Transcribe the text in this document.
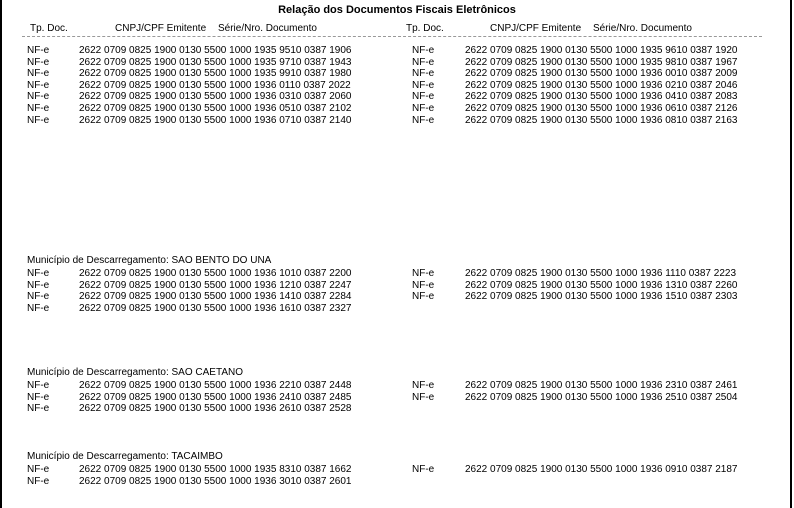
Relação dos Documentos Fiscais Eletrônicos
Tp. Doc.	CNPJ/CPF Emitente Série/Nro. Documento	Tp. Doc.	CNPJ/CPF Emitente Série/Nro. Documento
NF-e	2622 0709 0825 1900 0130 5500 1000 1935 9510 0387 1906
NF-e	2622 0709 0825 1900 0130 5500 1000 1935 9710 0387 1943
NF-e	2622 0709 0825 1900 0130 5500 1000 1935 9910 0387 1980
NF-e	2622 0709 0825 1900 0130 5500 1000 1936 0110 0387 2022
NF-e	2622 0709 0825 1900 0130 5500 1000 1936 0310 0387 2060
NF-e	2622 0709 0825 1900 0130 5500 1000 1936 0510 0387 2102
NF-e	2622 0709 0825 1900 0130 5500 1000 1936 0710 0387 2140
NF-e	2622 0709 0825 1900 0130 5500 1000 1935 9610 0387 1920
NF-e	2622 0709 0825 1900 0130 5500 1000 1935 9810 0387 1967
NF-e	2622 0709 0825 1900 0130 5500 1000 1936 0010 0387 2009
NF-e	2622 0709 0825 1900 0130 5500 1000 1936 0210 0387 2046
NF-e	2622 0709 0825 1900 0130 5500 1000 1936 0410 0387 2083
NF-e	2622 0709 0825 1900 0130 5500 1000 1936 0610 0387 2126
NF-e	2622 0709 0825 1900 0130 5500 1000 1936 0810 0387 2163
Município de Descarregamento: SAO BENTO DO UNA
NF-e	2622 0709 0825 1900 0130 5500 1000 1936 1010 0387 2200
NF-e	2622 0709 0825 1900 0130 5500 1000 1936 1210 0387 2247
NF-e	2622 0709 0825 1900 0130 5500 1000 1936 1410 0387 2284
NF-e	2622 0709 0825 1900 0130 5500 1000 1936 1610 0387 2327
NF-e	2622 0709 0825 1900 0130 5500 1000 1936 1110 0387 2223
NF-e	2622 0709 0825 1900 0130 5500 1000 1936 1310 0387 2260
NF-e	2622 0709 0825 1900 0130 5500 1000 1936 1510 0387 2303
Município de Descarregamento: SAO CAETANO
NF-e	2622 0709 0825 1900 0130 5500 1000 1936 2210 0387 2448
NF-e	2622 0709 0825 1900 0130 5500 1000 1936 2410 0387 2485
NF-e	2622 0709 0825 1900 0130 5500 1000 1936 2610 0387 2528
NF-e	2622 0709 0825 1900 0130 5500 1000 1936 2310 0387 2461
NF-e	2622 0709 0825 1900 0130 5500 1000 1936 2510 0387 2504
Município de Descarregamento: TACAIMBO
NF-e	2622 0709 0825 1900 0130 5500 1000 1935 8310 0387 1662
NF-e	2622 0709 0825 1900 0130 5500 1000 1936 3010 0387 2601
NF-e	2622 0709 0825 1900 0130 5500 1000 1936 0910 0387 2187
